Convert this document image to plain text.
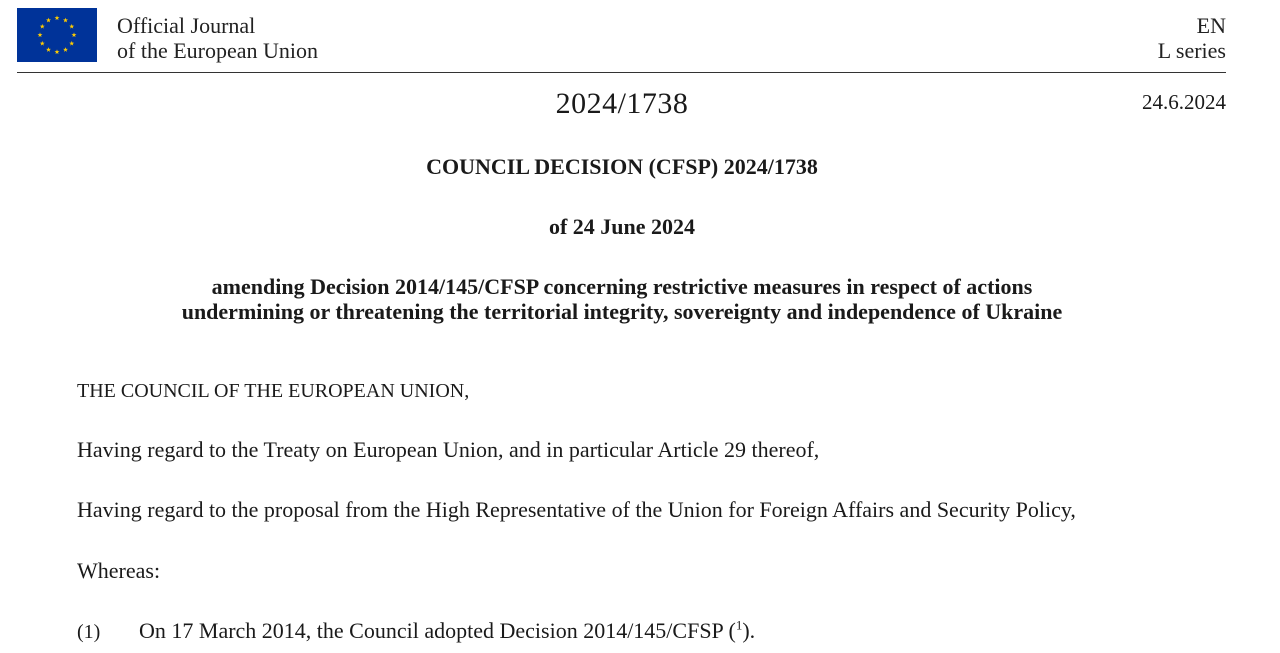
Official Journal
of the European Union
EN
L series
2024/1738	24.6.2024
COUNCIL DECISION (CFSP) 2024/1738
of 24 June 2024
amending Decision 2014/145/CFSP concerning restrictive measures in respect of actions
undermining or threatening the territorial integrity, sovereignty and independence of Ukraine
THE COUNCIL OF THE EUROPEAN UNION,
Having regard to the Treaty on European Union, and in particular Article 29 thereof,
Having regard to the proposal from the High Representative of the Union for Foreign Affairs and Security Policy,
Whereas:
(1) On 17 March 2014, the Council adopted Decision 2014/145/CFSP ($^1$).
